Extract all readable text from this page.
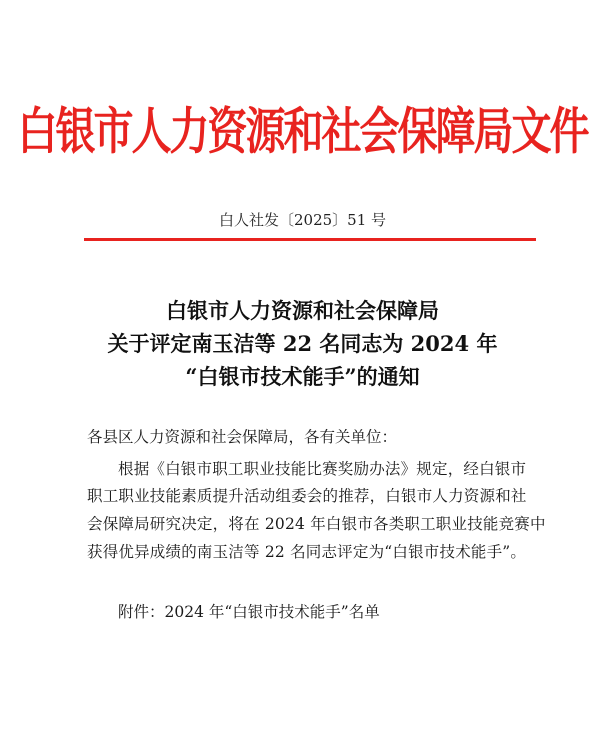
白银市人力资源和社会保障局文件
白人社发〔2025〕51 号
白银市人力资源和社会保障局
关于评定南玉洁等 22 名同志为 2024 年
“白银市技术能手”的通知
各县区人力资源和社会保障局，各有关单位：
根据《白银市职工职业技能比赛奖励办法》规定，经白银市
职工职业技能素质提升活动组委会的推荐，白银市人力资源和社
会保障局研究决定，将在 2024 年白银市各类职工职业技能竞赛中
获得优异成绩的南玉洁等 22 名同志评定为“白银市技术能手”。
附件：2024 年“白银市技术能手”名单
